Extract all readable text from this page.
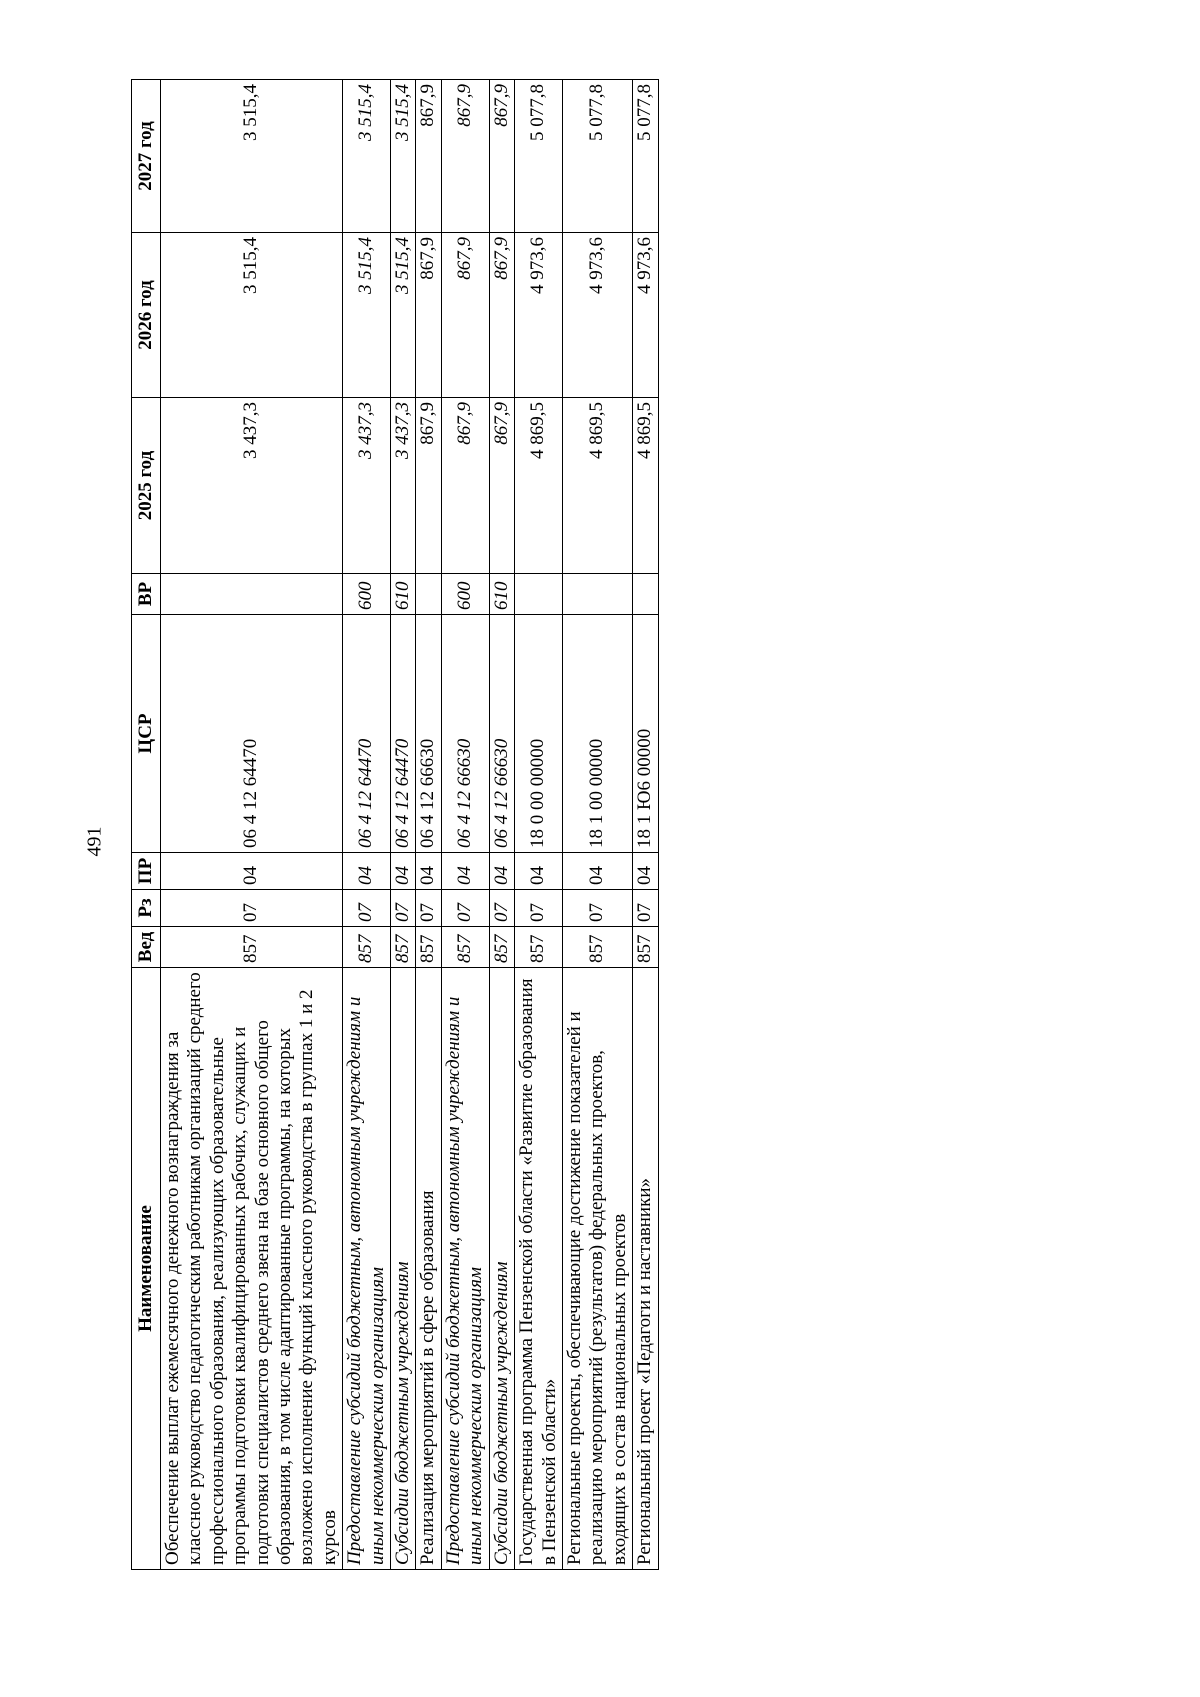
491
Наименование	Вед	Рз	ПР	ЦСР	ВР	2025 год	2026 год	2027 год
Обеспечение выплат ежемесячного денежного вознаграждения за классное руководство педагогическим работникам организаций среднего профессионального образования, реализующих образовательные программы подготовки квалифицированных рабочих, служащих и подготовки специалистов среднего звена на базе основного общего образования, в том числе адаптированные программы, на которых возложено исполнение функций классного руководства в группах 1 и 2 курсов	857	07	04	06 4 12 64470		3 437,3	3 515,4	3 515,4
Предоставление субсидий бюджетным, автономным учреждениям и иным некоммерческим организациям	857	07	04	06 4 12 64470	600	3 437,3	3 515,4	3 515,4
Субсидии бюджетным учреждениям	857	07	04	06 4 12 64470	610	3 437,3	3 515,4	3 515,4
Реализация мероприятий в сфере образования	857	07	04	06 4 12 66630		867,9	867,9	867,9
Предоставление субсидий бюджетным, автономным учреждениям и иным некоммерческим организациям	857	07	04	06 4 12 66630	600	867,9	867,9	867,9
Субсидии бюджетным учреждениям	857	07	04	06 4 12 66630	610	867,9	867,9	867,9
Государственная программа Пензенской области «Развитие образования в Пензенской области»	857	07	04	18 0 00 00000		4 869,5	4 973,6	5 077,8
Региональные проекты, обеспечивающие достижение показателей и реализацию мероприятий (результатов) федеральных проектов, входящих в состав национальных проектов	857	07	04	18 1 00 00000		4 869,5	4 973,6	5 077,8
Региональный проект «Педагоги и наставники»	857	07	04	18 1 Ю6 00000		4 869,5	4 973,6	5 077,8
